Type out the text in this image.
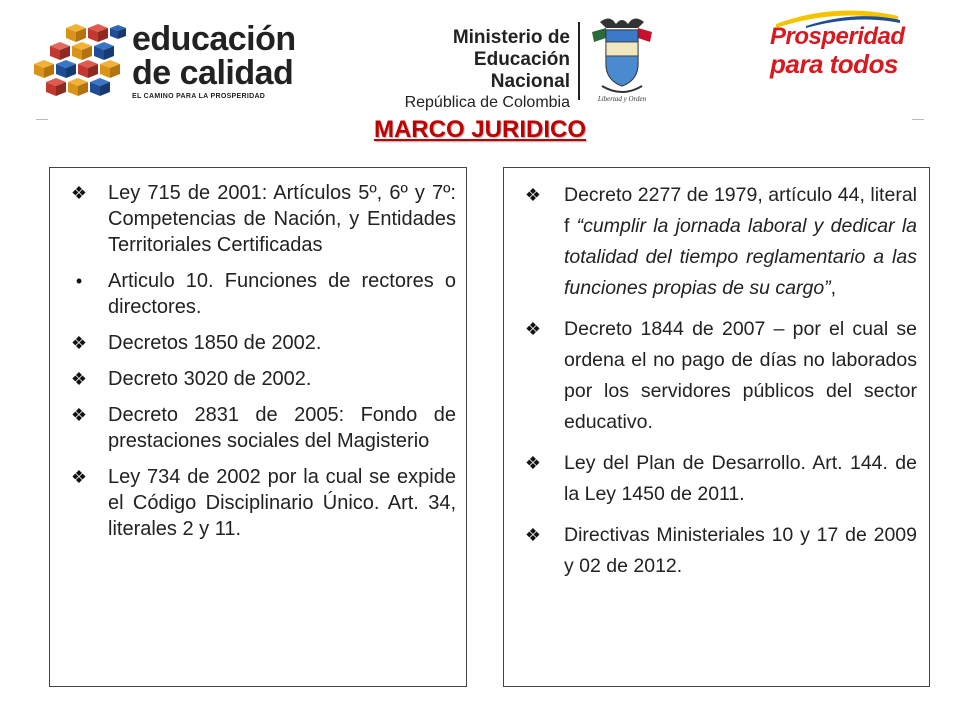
educación
de calidad
EL CAMINO PARA LA PROSPERIDAD
Ministerio de
Educación Nacional
República de Colombia	Libertad y Orden
Prosperidad
para todos
MARCO JURIDICO
❖ Ley 715 de 2001: Artículos 5º, 6º y 7º: Competencias de Nación, y Entidades Territoriales Certificadas
•	Articulo 10. Funciones de rectores o directores.
❖ Decretos 1850 de 2002.
❖ Decreto 3020 de 2002.
❖ Decreto 2831 de 2005: Fondo de prestaciones sociales del Magisterio
❖ Ley 734 de 2002 por la cual se expide el Código Disciplinario Único. Art. 34, literales 2 y 11.
❖ Decreto 2277 de 1979, artículo 44, literal f “cumplir la jornada laboral y dedicar la totalidad del tiempo reglamentario a las funciones propias de su cargo”,
❖ Decreto 1844 de 2007 – por el cual se ordena el no pago de días no laborados por los servidores públicos del sector educativo.
❖ Ley del Plan de Desarrollo. Art. 144. de la Ley 1450 de 2011.
❖ Directivas Ministeriales 10 y 17 de 2009 y 02 de 2012.
